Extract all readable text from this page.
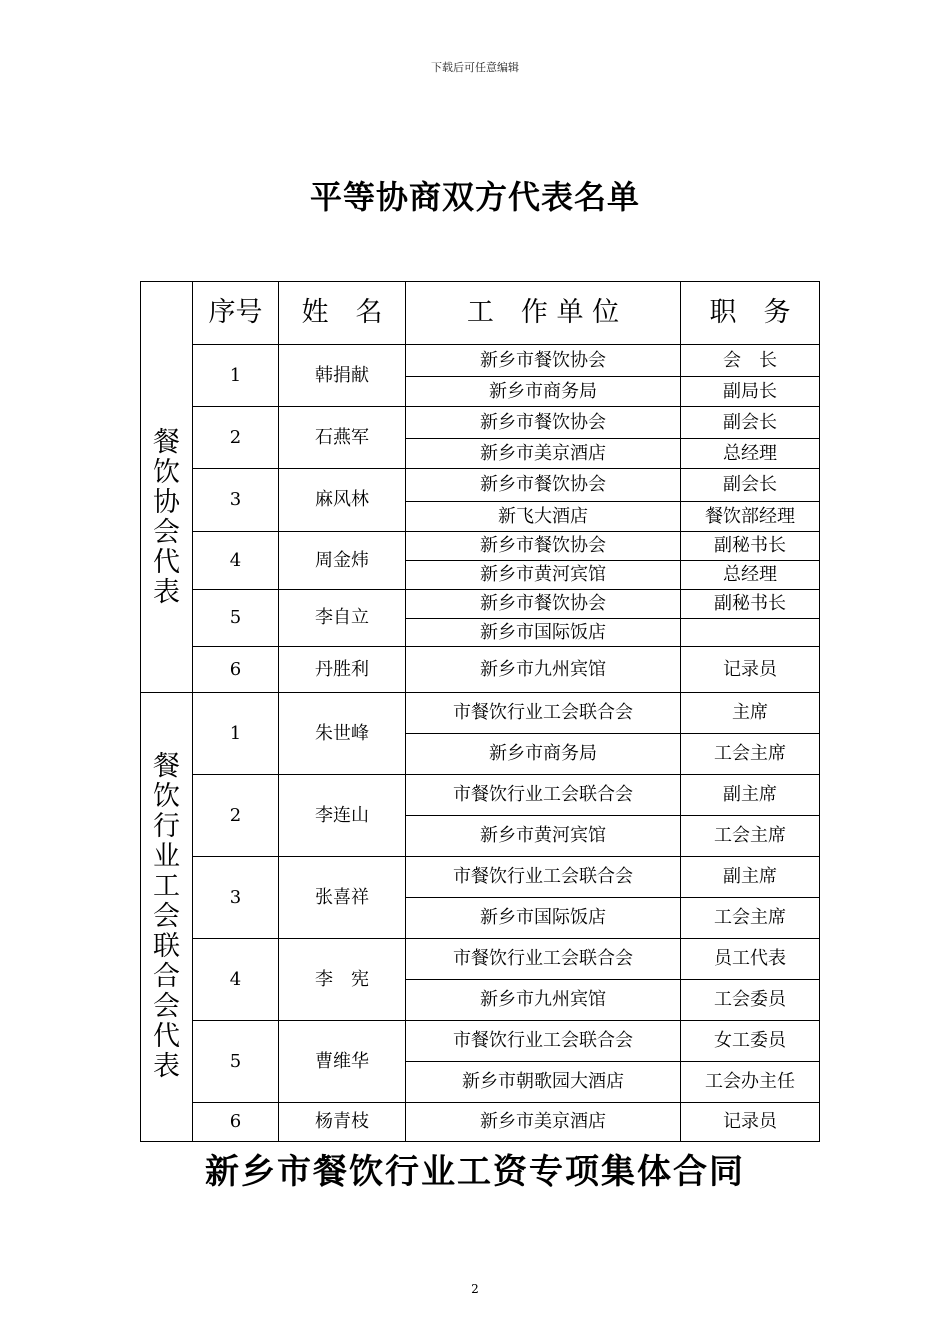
下载后可任意编辑
平等协商双方代表名单
	序号	姓　名	工　作 单 位	职　务
餐饮协会代表	1	韩捐献	新乡市餐饮协会	会　长
			新乡市商务局	副局长
	2	石燕军	新乡市餐饮协会	副会长
			新乡市美京酒店	总经理
	3	麻风林	新乡市餐饮协会	副会长
			新飞大酒店	餐饮部经理
	4	周金炜	新乡市餐饮协会	副秘书长
			新乡市黄河宾馆	总经理
	5	李自立	新乡市餐饮协会	副秘书长
			新乡市国际饭店	
	6	丹胜利	新乡市九州宾馆	记录员
餐饮行业工会联合会代表	1	朱世峰	市餐饮行业工会联合会	主席
			新乡市商务局	工会主席
	2	李连山	市餐饮行业工会联合会	副主席
			新乡市黄河宾馆	工会主席
	3	张喜祥	市餐饮行业工会联合会	副主席
			新乡市国际饭店	工会主席
	4	李　宪	市餐饮行业工会联合会	员工代表
			新乡市九州宾馆	工会委员
	5	曹维华	市餐饮行业工会联合会	女工委员
			新乡市朝歌园大酒店	工会办主任
	6	杨青枝	新乡市美京酒店	记录员
新乡市餐饮行业工资专项集体合同
2
